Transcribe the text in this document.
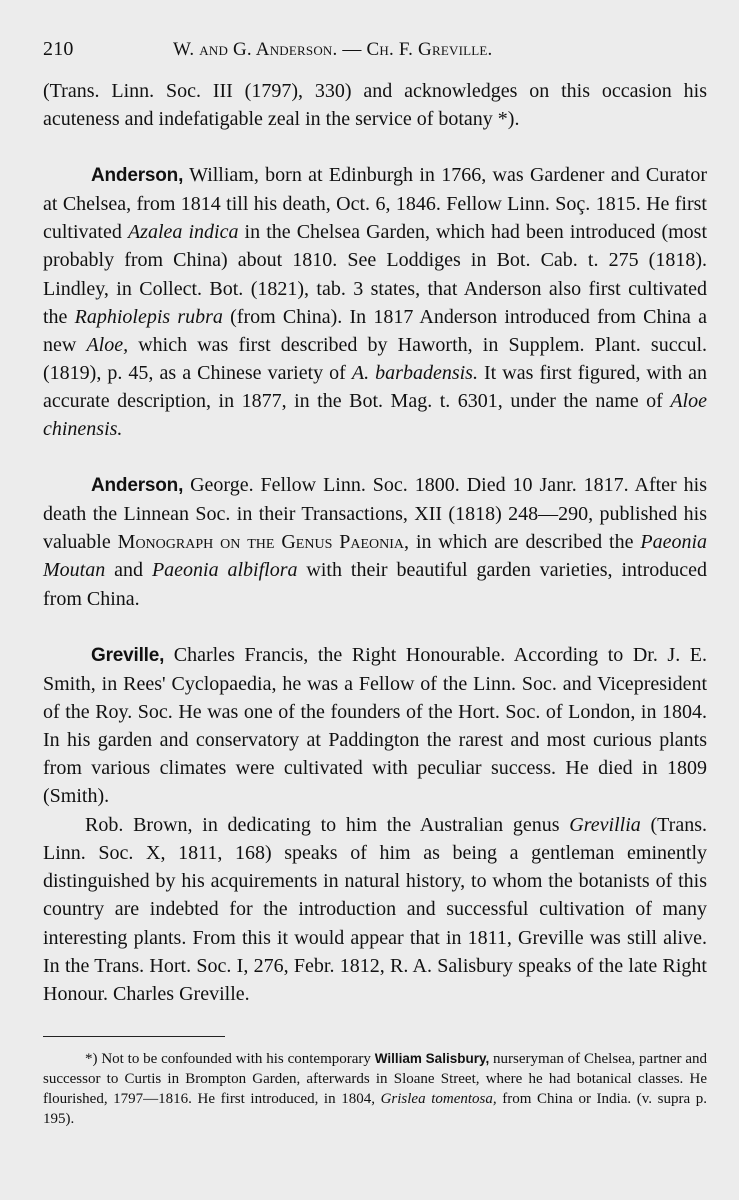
210	W. and G. Anderson. — Ch. F. Greville.

(Trans. Linn. Soc. III (1797), 330) and acknowledges on this occasion his acuteness and indefatigable zeal in the service of botany *).

Anderson, William, born at Edinburgh in 1766, was Gardener and Curator at Chelsea, from 1814 till his death, Oct. 6, 1846. Fellow Linn. Soç. 1815. He first cultivated Azalea indica in the Chelsea Garden, which had been introduced (most probably from China) about 1810. See Loddiges in Bot. Cab. t. 275 (1818). Lindley, in Collect. Bot. (1821), tab. 3 states, that Anderson also first cultivated the Raphiolepis rubra (from China). In 1817 Anderson introduced from China a new Aloe, which was first described by Haworth, in Supplem. Plant. succul. (1819), p. 45, as a Chinese variety of A. barbadensis. It was first figured, with an accurate description, in 1877, in the Bot. Mag. t. 6301, under the name of Aloe chinensis.

Anderson, George. Fellow Linn. Soc. 1800. Died 10 Janr. 1817. After his death the Linnean Soc. in their Transactions, XII (1818) 248—290, published his valuable Monograph on the Genus Paeonia, in which are described the Paeonia Moutan and Paeonia albiflora with their beautiful garden varieties, introduced from China.

Greville, Charles Francis, the Right Honourable. According to Dr. J. E. Smith, in Rees' Cyclopaedia, he was a Fellow of the Linn. Soc. and Vicepresident of the Roy. Soc. He was one of the founders of the Hort. Soc. of London, in 1804. In his garden and conservatory at Paddington the rarest and most curious plants from various climates were cultivated with peculiar success. He died in 1809 (Smith).

Rob. Brown, in dedicating to him the Australian genus Grevillia (Trans. Linn. Soc. X, 1811, 168) speaks of him as being a gentleman eminently distinguished by his acquirements in natural history, to whom the botanists of this country are indebted for the introduction and successful cultivation of many interesting plants. From this it would appear that in 1811, Greville was still alive. In the Trans. Hort. Soc. I, 276, Febr. 1812, R. A. Salisbury speaks of the late Right Honour. Charles Greville.

*) Not to be confounded with his contemporary William Salisbury, nurseryman of Chelsea, partner and successor to Curtis in Brompton Garden, afterwards in Sloane Street, where he had botanical classes. He flourished, 1797—1816. He first introduced, in 1804, Grislea tomentosa, from China or India. (v. supra p. 195).
